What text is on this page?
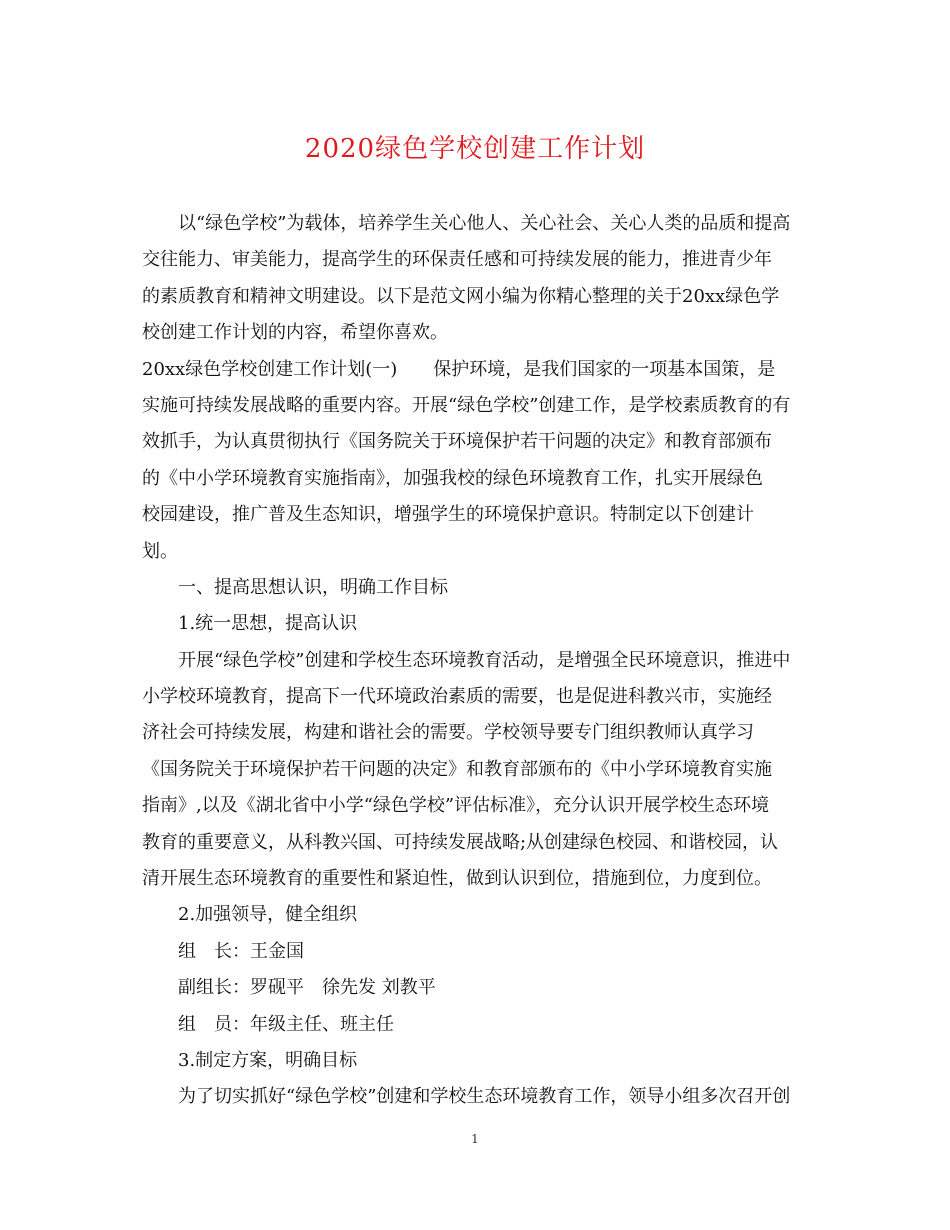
2020绿色学校创建工作计划
以“绿色学校”为载体，培养学生关心他人、关心社会、关心人类的品质和提高
交往能力、审美能力，提高学生的环保责任感和可持续发展的能力，推进青少年
的素质教育和精神文明建设。以下是范文网小编为你精心整理的关于20xx绿色学
校创建工作计划的内容，希望你喜欢。
20xx绿色学校创建工作计划(一)　　保护环境，是我们国家的一项基本国策，是
实施可持续发展战略的重要内容。开展“绿色学校”创建工作，是学校素质教育的有
效抓手，为认真贯彻执行《国务院关于环境保护若干问题的决定》和教育部颁布
的《中小学环境教育实施指南》，加强我校的绿色环境教育工作，扎实开展绿色
校园建设，推广普及生态知识，增强学生的环境保护意识。特制定以下创建计
划。
一、提高思想认识，明确工作目标
1.统一思想，提高认识
开展“绿色学校”创建和学校生态环境教育活动，是增强全民环境意识，推进中
小学校环境教育，提高下一代环境政治素质的需要，也是促进科教兴市，实施经
济社会可持续发展，构建和谐社会的需要。学校领导要专门组织教师认真学习
《国务院关于环境保护若干问题的决定》和教育部颁布的《中小学环境教育实施
指南》,以及《湖北省中小学“绿色学校”评估标准》，充分认识开展学校生态环境
教育的重要意义，从科教兴国、可持续发展战略;从创建绿色校园、和谐校园，认
清开展生态环境教育的重要性和紧迫性，做到认识到位，措施到位，力度到位。
2.加强领导，健全组织
组　长：王金国
副组长：罗砚平　徐先发 刘教平
组　员：年级主任、班主任
3.制定方案，明确目标
为了切实抓好“绿色学校”创建和学校生态环境教育工作，领导小组多次召开创
1
